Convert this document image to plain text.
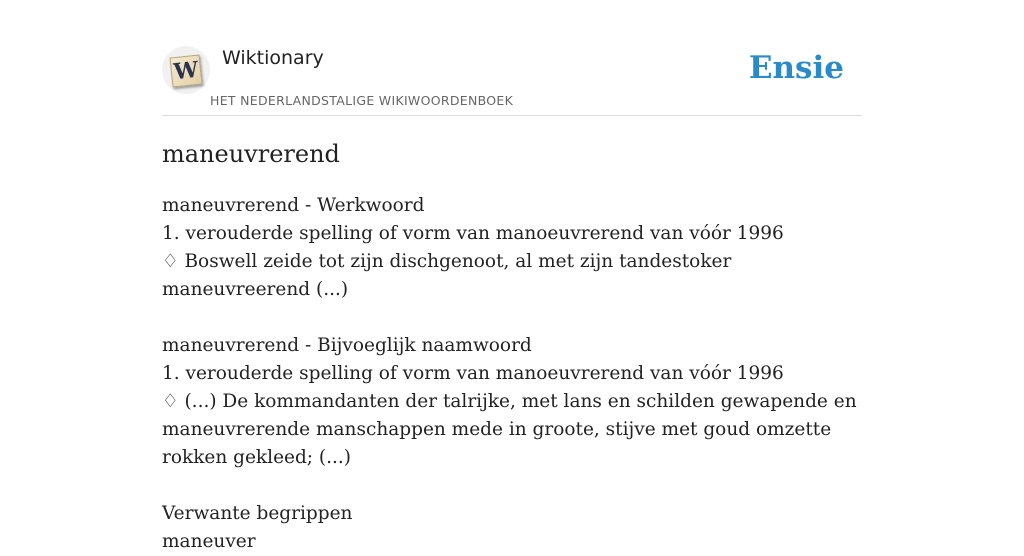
W Wiktionary
HET NEDERLANDSTALIGE WIKIWOORDENBOEK
Ensie
maneuvrerend
maneuvrerend - Werkwoord
1. verouderde spelling of vorm van manoeuvrerend van vóór 1996
♢ Boswell zeide tot zijn dischgenoot, al met zijn tandestoker maneuvreerend (...)
maneuvrerend - Bijvoeglijk naamwoord
1. verouderde spelling of vorm van manoeuvrerend van vóór 1996
♢ (...) De kommandanten der talrijke, met lans en schilden gewapende en maneuvrerende manschappen mede in groote, stijve met goud omzette rokken gekleed; (...)
Verwante begrippen
maneuver
